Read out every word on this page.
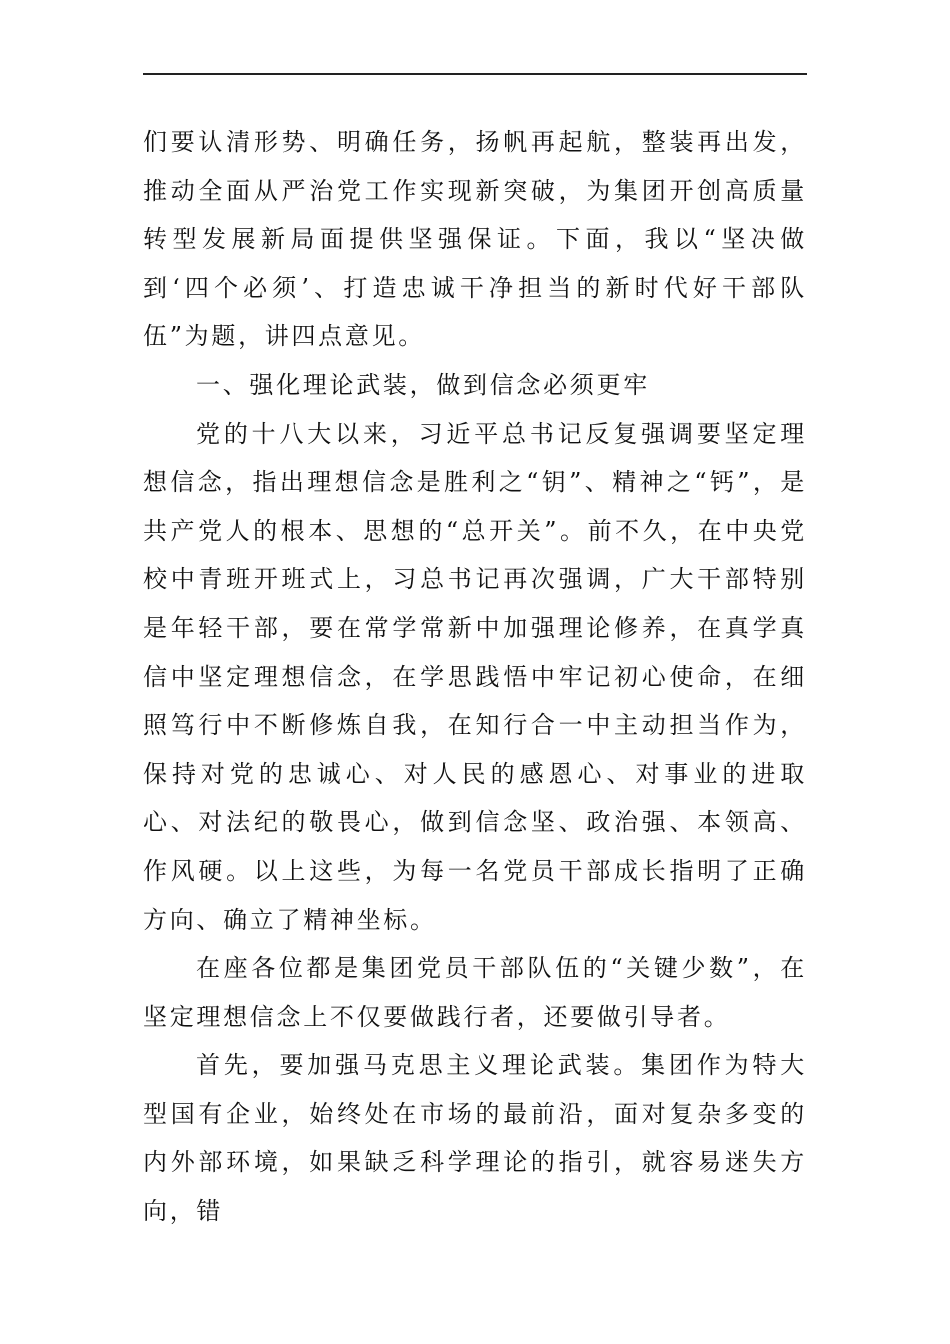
们要认清形势、明确任务，扬帆再起航，整装再出发，推动全面从严治党工作实现新突破，为集团开创高质量转型发展新局面提供坚强保证。下面，我以“坚决做到‘四个必须’、打造忠诚干净担当的新时代好干部队伍”为题，讲四点意见。

一、强化理论武装，做到信念必须更牢

党的十八大以来，习近平总书记反复强调要坚定理想信念，指出理想信念是胜利之“钥”、精神之“钙”，是共产党人的根本、思想的“总开关”。前不久，在中央党校中青班开班式上，习总书记再次强调，广大干部特别是年轻干部，要在常学常新中加强理论修养，在真学真信中坚定理想信念，在学思践悟中牢记初心使命，在细照笃行中不断修炼自我，在知行合一中主动担当作为，保持对党的忠诚心、对人民的感恩心、对事业的进取心、对法纪的敬畏心，做到信念坚、政治强、本领高、作风硬。以上这些，为每一名党员干部成长指明了正确方向、确立了精神坐标。

在座各位都是集团党员干部队伍的“关键少数”，在坚定理想信念上不仅要做践行者，还要做引导者。

首先，要加强马克思主义理论武装。集团作为特大型国有企业，始终处在市场的最前沿，面对复杂多变的内外部环境，如果缺乏科学理论的指引，就容易迷失方向，错
